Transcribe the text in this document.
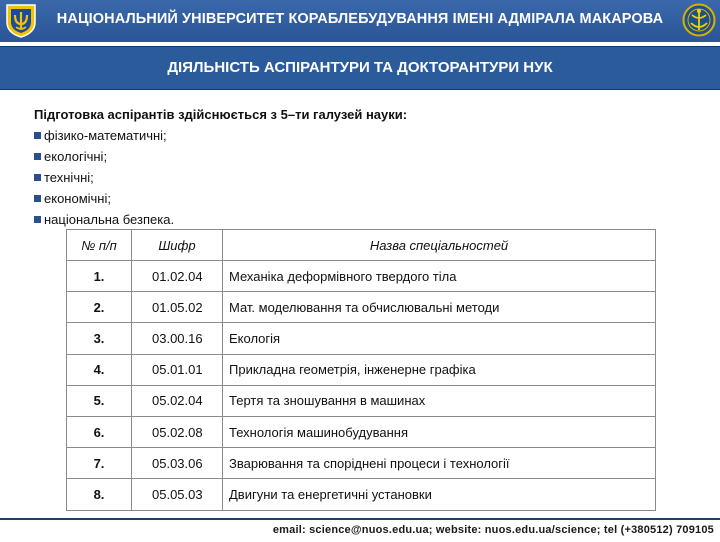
НАЦІОНАЛЬНИЙ УНІВЕРСИТЕТ КОРАБЛЕБУДУВАННЯ ІМЕНІ АДМІРАЛА МАКАРОВА
ДІЯЛЬНІСТЬ АСПІРАНТУРИ ТА ДОКТОРАНТУРИ НУК
Підготовка аспірантів здійснюється з 5–ти галузей науки:
фізико-математичні;
екологічні;
технічні;
економічні;
національна безпека.
№ п/п	Шифр	Назва спеціальностей
1.	01.02.04	Механіка деформівного твердого тіла
2.	01.05.02	Мат. моделювання та обчислювальні методи
3.	03.00.16	Екологія
4.	05.01.01	Прикладна геометрія, інженерне графіка
5.	05.02.04	Тертя та зношування в машинах
6.	05.02.08	Технологія машинобудування
7.	05.03.06	Зварювання та споріднені процеси і технології
8.	05.05.03	Двигуни та енергетичні установки
email: science@nuos.edu.ua; website: nuos.edu.ua/science; tel (+380512) 709105
